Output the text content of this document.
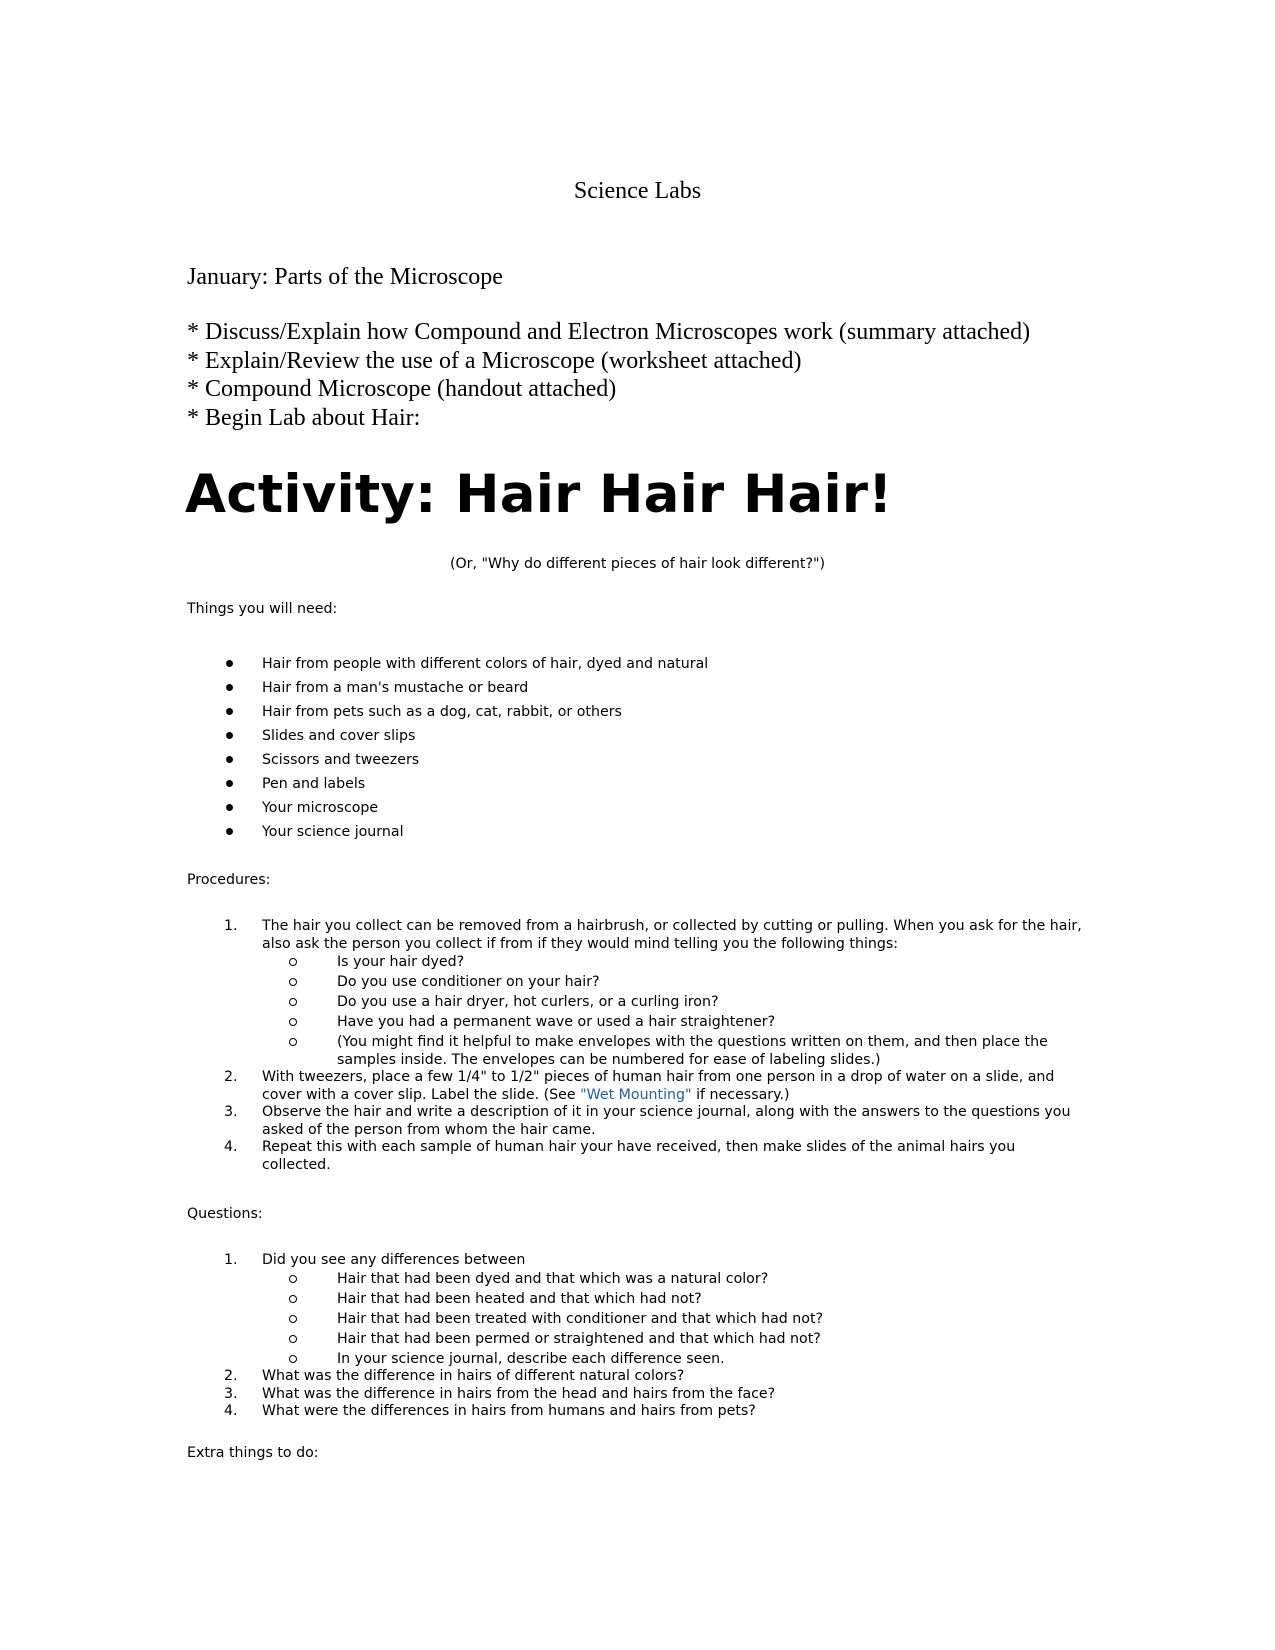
Science Labs
January: Parts of the Microscope
* Discuss/Explain how Compound and Electron Microscopes work (summary attached)
* Explain/Review the use of a Microscope (worksheet attached)
* Compound Microscope (handout attached)
* Begin Lab about Hair:
Activity: Hair Hair Hair!
(Or, "Why do different pieces of hair look different?")
Things you will need:
Hair from people with different colors of hair, dyed and natural
Hair from a man's mustache or beard
Hair from pets such as a dog, cat, rabbit, or others
Slides and cover slips
Scissors and tweezers
Pen and labels
Your microscope
Your science journal
Procedures:
1. The hair you collect can be removed from a hairbrush, or collected by cutting or pulling. When you ask for the hair, also ask the person you collect if from if they would mind telling you the following things:
Is your hair dyed?
Do you use conditioner on your hair?
Do you use a hair dryer, hot curlers, or a curling iron?
Have you had a permanent wave or used a hair straightener?
(You might find it helpful to make envelopes with the questions written on them, and then place the samples inside. The envelopes can be numbered for ease of labeling slides.)
2. With tweezers, place a few 1/4" to 1/2" pieces of human hair from one person in a drop of water on a slide, and cover with a cover slip. Label the slide. (See "Wet Mounting" if necessary.)
3. Observe the hair and write a description of it in your science journal, along with the answers to the questions you asked of the person from whom the hair came.
4. Repeat this with each sample of human hair your have received, then make slides of the animal hairs you collected.
Questions:
1. Did you see any differences between
Hair that had been dyed and that which was a natural color?
Hair that had been heated and that which had not?
Hair that had been treated with conditioner and that which had not?
Hair that had been permed or straightened and that which had not?
In your science journal, describe each difference seen.
2. What was the difference in hairs of different natural colors?
3. What was the difference in hairs from the head and hairs from the face?
4. What were the differences in hairs from humans and hairs from pets?
Extra things to do:
